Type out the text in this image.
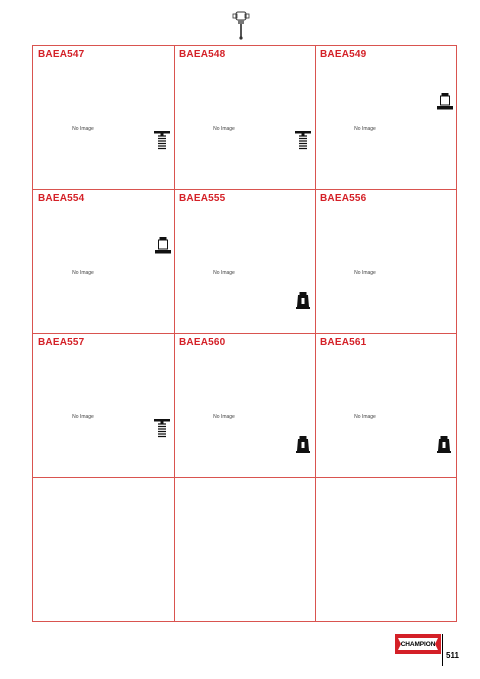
BAEA547
No Image
BAEA548
No Image
BAEA549
No Image
BAEA554
No Image
BAEA555
No Image
BAEA556
No Image
BAEA557
No Image
BAEA560
No Image
BAEA561
No Image
CHAMPION
511
